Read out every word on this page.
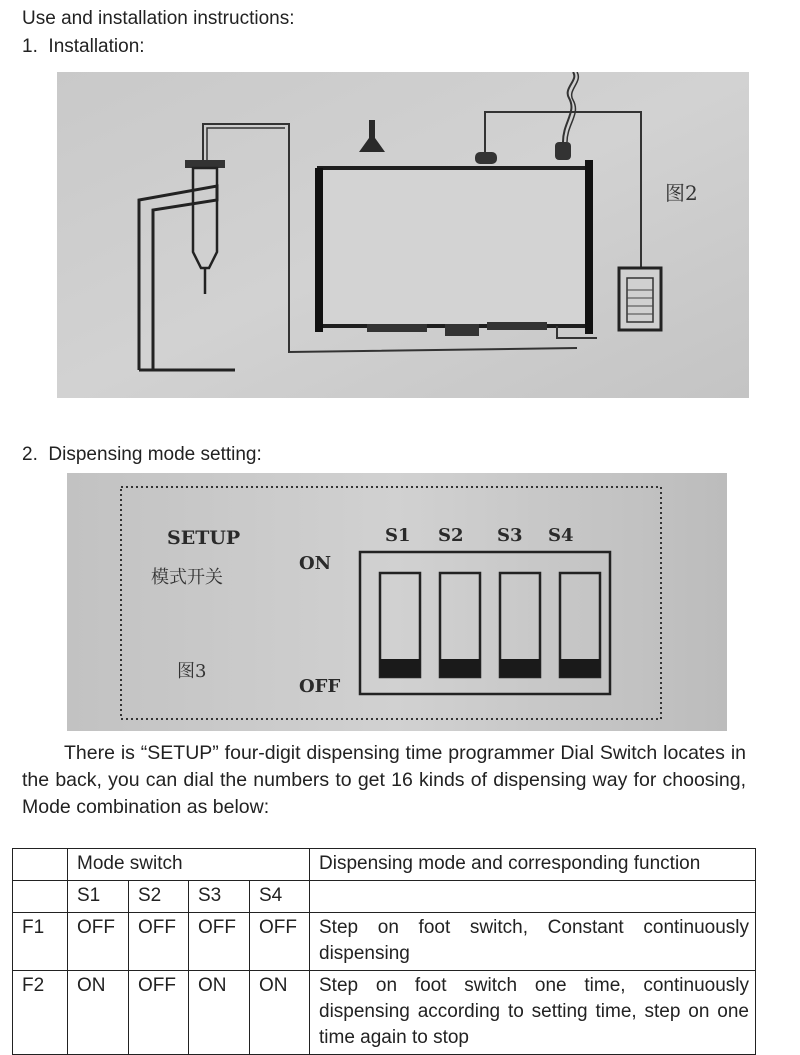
Use and installation instructions:
1. Installation:
图2
2. Dispensing mode setting:
SETUP
模式开关
图3
ON
OFF
S1 S2 S3 S4
There is “SETUP” four-digit dispensing time programmer Dial Switch locates in the back, you can dial the numbers to get 16 kinds of dispensing way for choosing, Mode combination as below:
	Mode switch				Dispensing mode and corresponding function
	S1	S2	S3	S4	
F1	OFF	OFF	OFF	OFF	Step on foot switch, Constant continuously dispensing
F2	ON	OFF	ON	ON	Step on foot switch one time, continuously dispensing according to setting time, step on one time again to stop
